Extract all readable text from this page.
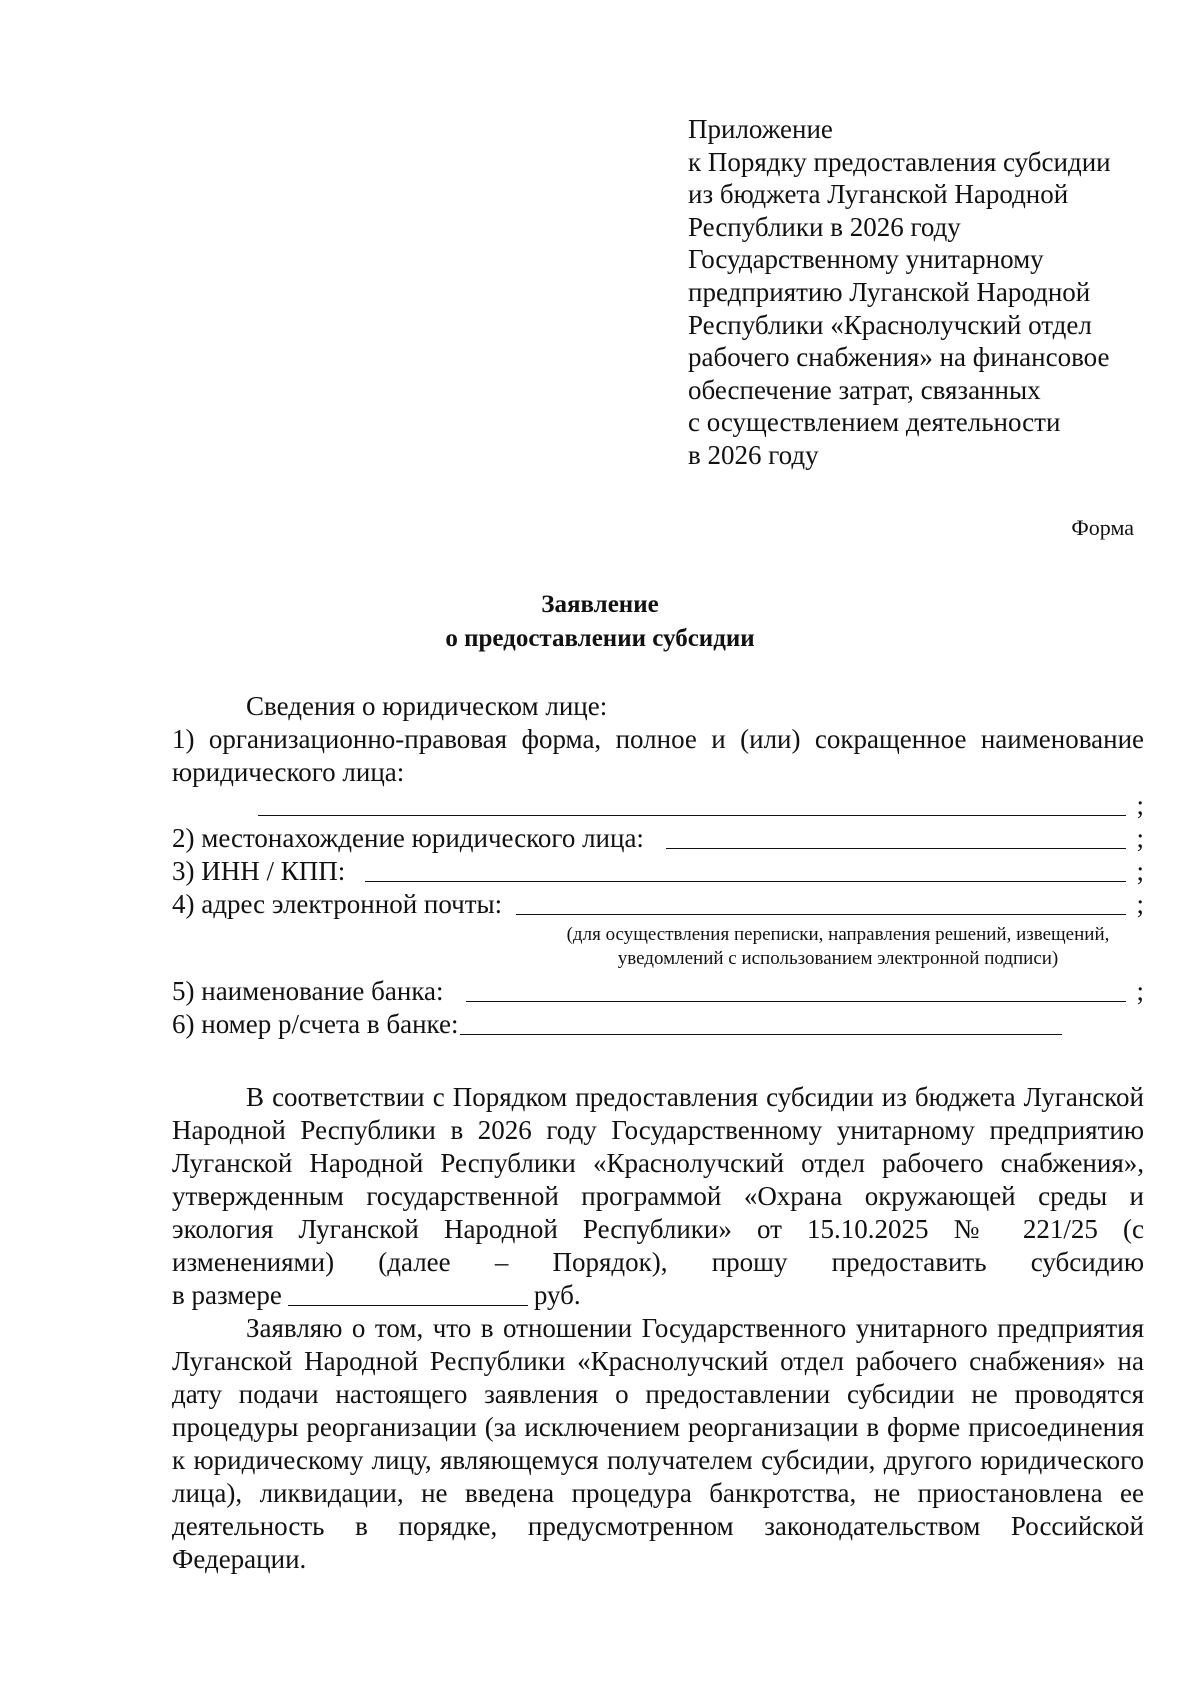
Приложение
к Порядку предоставления субсидии
из бюджета Луганской Народной
Республики в 2026 году
Государственному унитарному
предприятию Луганской Народной
Республики «Краснолучский отдел
рабочего снабжения» на финансовое
обеспечение затрат, связанных
с осуществлением деятельности
в 2026 году
Форма
Заявление
о предоставлении субсидии
Сведения о юридическом лице:
1) организационно-правовая форма, полное и (или) сокращенное наименование юридического лица:
;
2) местонахождение юридического лица:	;
3) ИНН / КПП:	;
4) адрес электронной почты:	;
(для осуществления переписки, направления решений, извещений,
уведомлений с использованием электронной подписи)
5) наименование банка:	;
6) номер р/счета в банке:
В соответствии с Порядком предоставления субсидии из бюджета Луганской Народной Республики в 2026 году Государственному унитарному предприятию Луганской Народной Республики «Краснолучский отдел рабочего снабжения», утвержденным государственной программой «Охрана окружающей среды и экология Луганской Народной Республики» от 15.10.2025 № 221/25 (с изменениями) (далее – Порядок), прошу предоставить субсидию
в размере	руб.
Заявляю о том, что в отношении Государственного унитарного предприятия Луганской Народной Республики «Краснолучский отдел рабочего снабжения» на дату подачи настоящего заявления о предоставлении субсидии не проводятся процедуры реорганизации (за исключением реорганизации в форме присоединения к юридическому лицу, являющемуся получателем субсидии, другого юридического лица), ликвидации, не введена процедура банкротства, не приостановлена ее деятельность в порядке, предусмотренном законодательством Российской Федерации.
